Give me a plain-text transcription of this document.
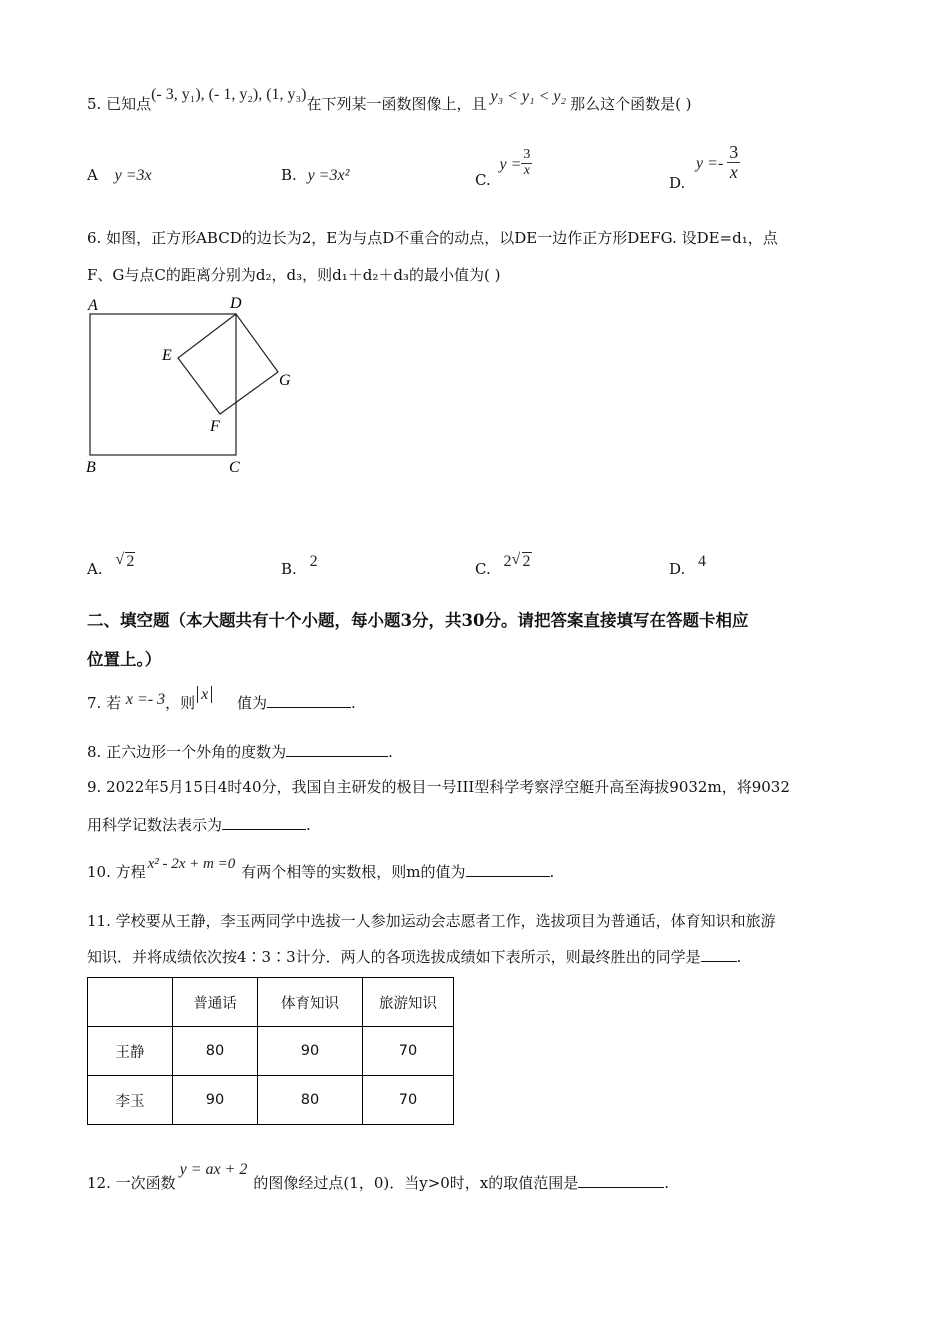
5. 已知点(- 3, y₁), (- 1, y₂), (1, y₃)在下列某一函数图像上，且 y₃ < y₁ < y₂ 那么这个函数是( )
A y =3x	B. y =3x²	C. $y = \frac{3}{x}$
D. $y =- \frac{3}{x}$
6. 如图，正方形ABCD的边长为2，E为与点D不重合的动点，以DE一边作正方形DEFG. 设DE=d₁，点
F、G与点C的距离分别为d₂，d₃，则d₁＋d₂＋d₃的最小值为( )
A	D
E
G
F
B	C
A.
√ 2	B. 2	C. 2 √ 2	D. 4
二、填空题（本大题共有十个小题，每小题3分，共30分。请把答案直接填写在答题卡相应
位置上。）
7. 若 x =- 3，则 x 值为	.
8. 正六边形一个外角的度数为	.
9. 2022年5月15日4时40分，我国自主研发的极目一号III型科学考察浮空艇升高至海拔9032m，将9032
用科学记数法表示为	.
10. 方程 x² - 2x + m =0 有两个相等的实数根，则m的值为	.
11. 学校要从王静，李玉两同学中选拔一人参加运动会志愿者工作，选拔项目为普通话，体育知识和旅游
知识．并将成绩依次按4∶3∶3计分．两人的各项选拔成绩如下表所示，则最终胜出的同学是 .
	普通话	体育知识	旅游知识
王静	80	90	70
李玉	90	80	70
12. 一次函数y = ax + 2的图像经过点(1，0)．当y>0时，x的取值范围是	.
